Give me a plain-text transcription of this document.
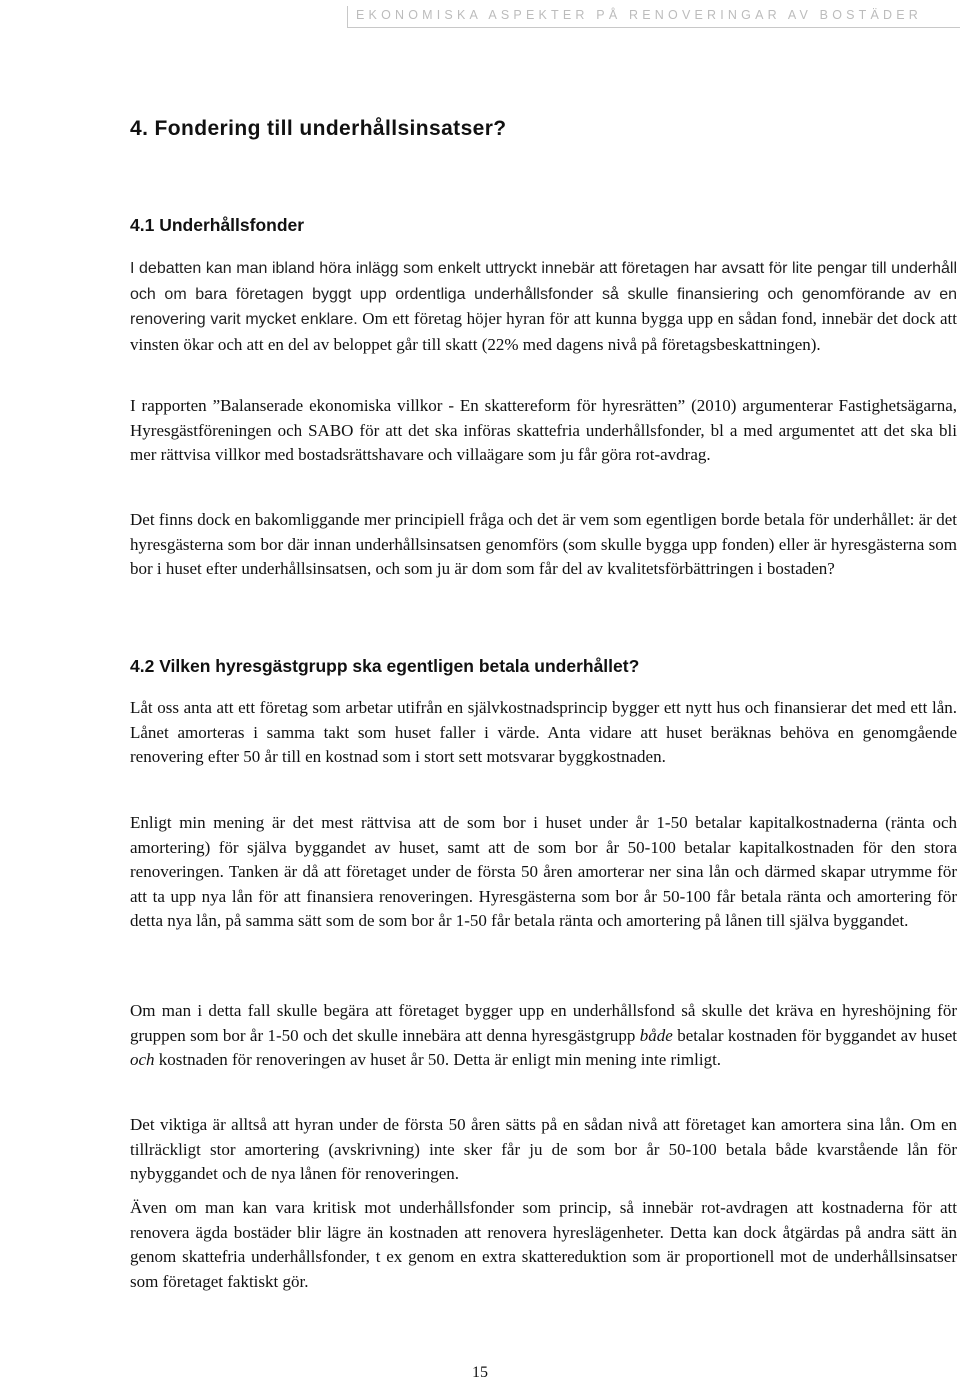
EKONOMISKA ASPEKTER PÅ RENOVERINGAR AV BOSTÄDER
4. Fondering till underhållsinsatser?
4.1 Underhållsfonder

I debatten kan man ibland höra inlägg som enkelt uttryckt innebär att företagen har avsatt för lite pengar till underhåll och om bara företagen byggt upp ordentliga underhållsfonder så skulle finansiering och genomförande av en renovering varit mycket enklare. Om ett företag höjer hyran för att kunna bygga upp en sådan fond, innebär det dock att vinsten ökar och att en del av beloppet går till skatt (22% med dagens nivå på företagsbeskattningen).

I rapporten ”Balanserade ekonomiska villkor - En skattereform för hyresrätten” (2010) argumenterar Fastighetsägarna, Hyresgästföreningen och SABO för att det ska införas skattefria underhållsfonder, bl a med argumentet att det ska bli mer rättvisa villkor med bostadsrättshavare och villaägare som ju får göra rot-avdrag.

Det finns dock en bakomliggande mer principiell fråga och det är vem som egentligen borde betala för underhållet: är det hyresgästerna som bor där innan underhållsinsatsen genomförs (som skulle bygga upp fonden) eller är hyresgästerna som bor i huset efter underhållsinsatsen, och som ju är dom som får del av kvalitetsförbättringen i bostaden?

4.2 Vilken hyresgästgrupp ska egentligen betala underhållet?

Låt oss anta att ett företag som arbetar utifrån en självkostnadsprincip bygger ett nytt hus och finansierar det med ett lån. Lånet amorteras i samma takt som huset faller i värde. Anta vidare att huset beräknas behöva en genomgående renovering efter 50 år till en kostnad som i stort sett motsvarar byggkostnaden.

Enligt min mening är det mest rättvisa att de som bor i huset under år 1-50 betalar kapitalkostnaderna (ränta och amortering) för själva byggandet av huset, samt att de som bor år 50-100 betalar kapitalkostnaden för den stora renoveringen. Tanken är då att företaget under de första 50 åren amorterar ner sina lån och därmed skapar utrymme för att ta upp nya lån för att finansiera renoveringen. Hyresgästerna som bor år 50-100 får betala ränta och amortering för detta nya lån, på samma sätt som de som bor år 1-50 får betala ränta och amortering på lånen till själva byggandet.

Om man i detta fall skulle begära att företaget bygger upp en underhållsfond så skulle det kräva en hyreshöjning för gruppen som bor år 1-50 och det skulle innebära att denna hyresgästgrupp både betalar kostnaden för byggandet av huset och kostnaden för renoveringen av huset år 50. Detta är enligt min mening inte rimligt.

Det viktiga är alltså att hyran under de första 50 åren sätts på en sådan nivå att företaget kan amortera sina lån. Om en tillräckligt stor amortering (avskrivning) inte sker får ju de som bor år 50-100 betala både kvarstående lån för nybyggandet och de nya lånen för renoveringen.

Även om man kan vara kritisk mot underhållsfonder som princip, så innebär rot-avdragen att kostnaderna för att renovera ägda bostäder blir lägre än kostnaden att renovera hyreslägenheter. Detta kan dock åtgärdas på andra sätt än genom skattefria underhållsfonder, t ex genom en extra skattereduktion som är proportionell mot de underhållsinsatser som företaget faktiskt gör.

15
